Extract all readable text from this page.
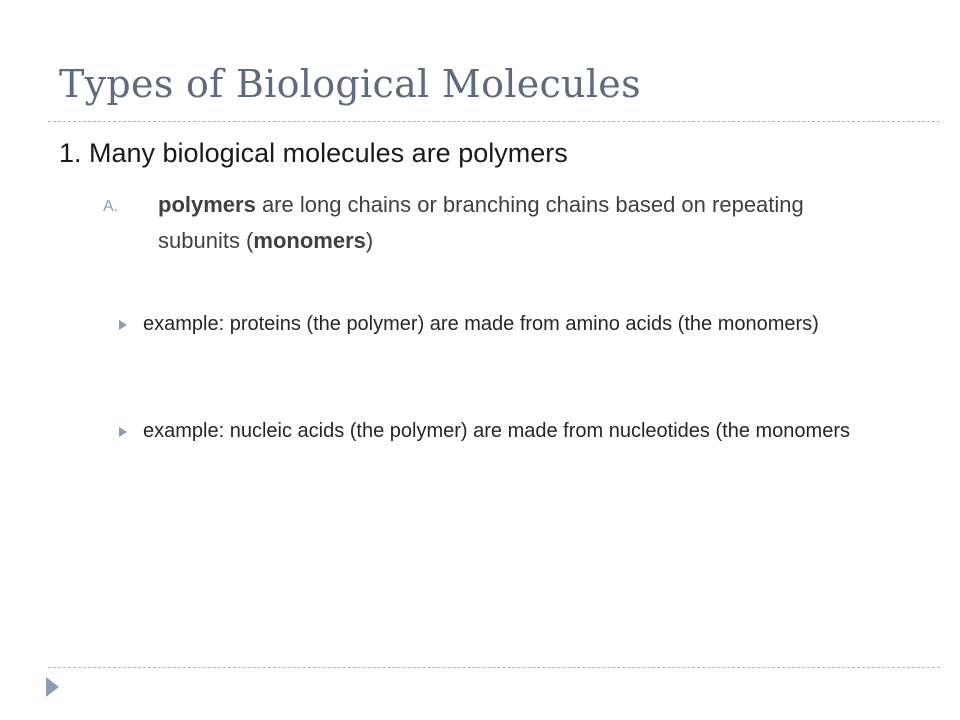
Types of Biological Molecules
1. Many biological molecules are polymers
A. polymers are long chains or branching chains based on repeating subunits (monomers)
example: proteins (the polymer) are made from amino acids (the monomers)
example: nucleic acids (the polymer) are made from nucleotides (the monomers
